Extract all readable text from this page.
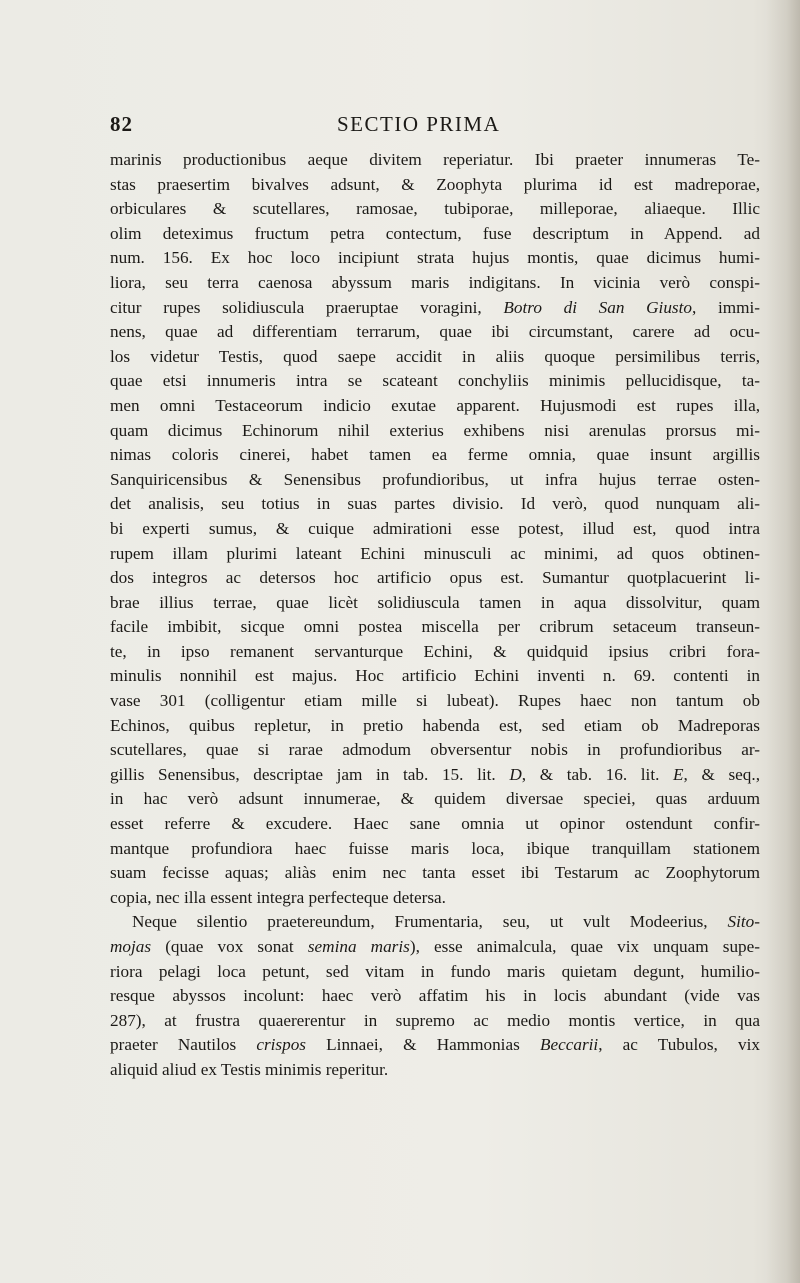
82	SECTIO PRIMA
marinis productionibus aeque divitem reperiatur. Ibi praeter innumeras Te-
stas praesertim bivalves adsunt, & Zoophyta plurima id est madreporae,
orbiculares & scutellares, ramosae, tubiporae, milleporae, aliaeque. Illic
olim deteximus fructum petra contectum, fuse descriptum in Append. ad
num. 156. Ex hoc loco incipiunt strata hujus montis, quae dicimus humi-
liora, seu terra caenosa abyssum maris indigitans. In vicinia verò conspi-
citur rupes solidiuscula praeruptae voragini, Botro di San Giusto, immi-
nens, quae ad differentiam terrarum, quae ibi circumstant, carere ad ocu-
los videtur Testis, quod saepe accidit in aliis quoque persimilibus terris,
quae etsi innumeris intra se scateant conchyliis minimis pellucidisque, ta-
men omni Testaceorum indicio exutae apparent. Hujusmodi est rupes illa,
quam dicimus Echinorum nihil exterius exhibens nisi arenulas prorsus mi-
nimas coloris cinerei, habet tamen ea ferme omnia, quae insunt argillis
Sanquiricensibus & Senensibus profundioribus, ut infra hujus terrae osten-
det analisis, seu totius in suas partes divisio. Id verò, quod nunquam ali-
bi experti sumus, & cuique admirationi esse potest, illud est, quod intra
rupem illam plurimi lateant Echini minusculi ac minimi, ad quos obtinen-
dos integros ac detersos hoc artificio opus est. Sumantur quotplacuerint li-
brae illius terrae, quae licèt solidiuscula tamen in aqua dissolvitur, quam
facile imbibit, sicque omni postea miscella per cribrum setaceum transeun-
te, in ipso remanent servanturque Echini, & quidquid ipsius cribri fora-
minulis nonnihil est majus. Hoc artificio Echini inventi n. 69. contenti in
vase 301 (colligentur etiam mille si lubeat). Rupes haec non tantum ob
Echinos, quibus repletur, in pretio habenda est, sed etiam ob Madreporas
scutellares, quae si rarae admodum obversentur nobis in profundioribus ar-
gillis Senensibus, descriptae jam in tab. 15. lit. D, & tab. 16. lit. E, & seq.,
in hac verò adsunt innumerae, & quidem diversae speciei, quas arduum
esset referre & excudere. Haec sane omnia ut opinor ostendunt confir-
mantque profundiora haec fuisse maris loca, ibique tranquillam stationem
suam fecisse aquas; aliàs enim nec tanta esset ibi Testarum ac Zoophytorum
copia, nec illa essent integra perfecteque detersa.
Neque silentio praetereundum, Frumentaria, seu, ut vult Modeerius, Sito-
mojas (quae vox sonat semina maris), esse animalcula, quae vix unquam supe-
riora pelagi loca petunt, sed vitam in fundo maris quietam degunt, humilio-
resque abyssos incolunt: haec verò affatim his in locis abundant (vide vas
287), at frustra quaererentur in supremo ac medio montis vertice, in qua
praeter Nautilos crispos Linnaei, & Hammonias Beccarii, ac Tubulos, vix
aliquid aliud ex Testis minimis reperitur.
